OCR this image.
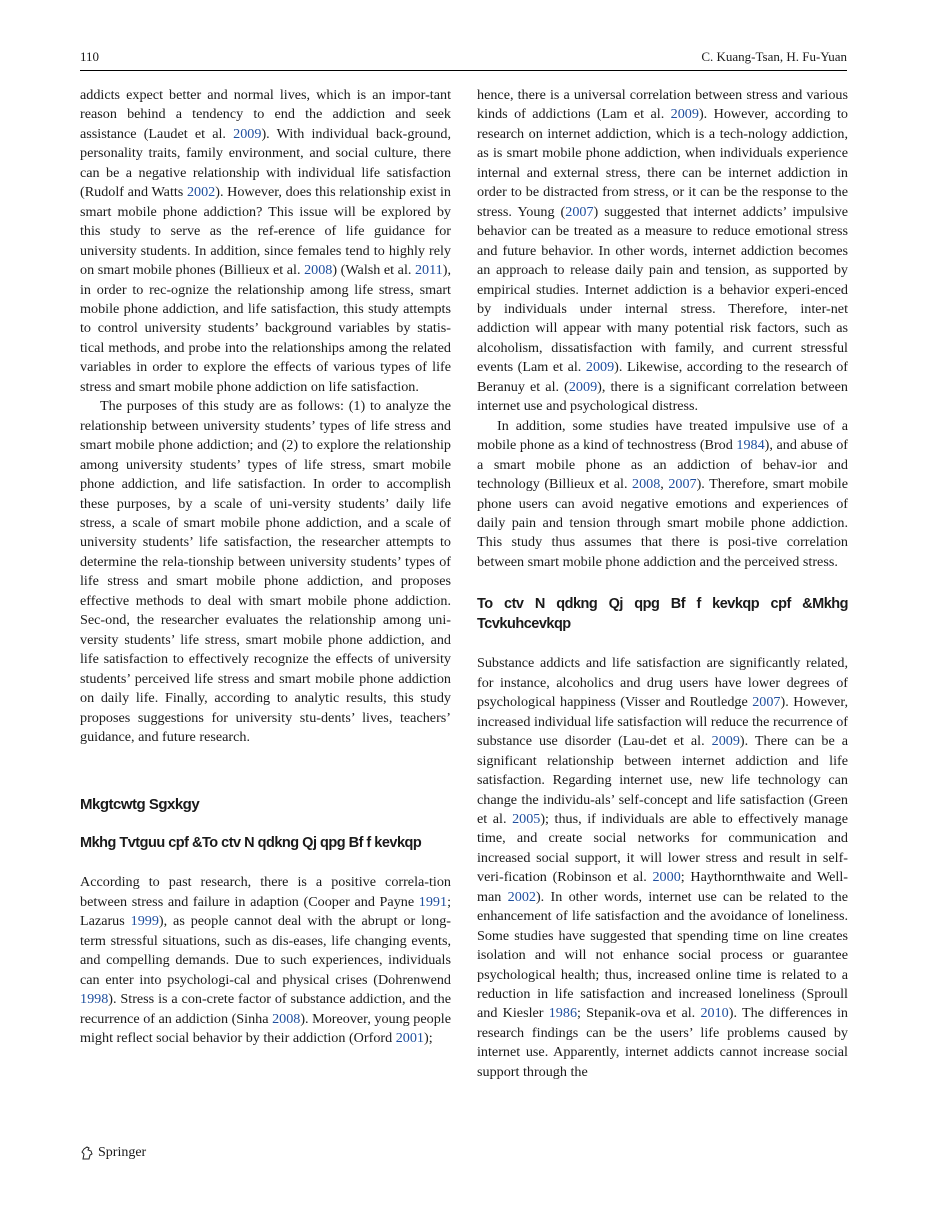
110	C. Kuang-Tsan, H. Fu-Yuan

addicts expect better and normal lives, which is an impor-tant reason behind a tendency to end the addiction and seek assistance (Laudet et al. 2009). With individual back-ground, personality traits, family environment, and social culture, there can be a negative relationship with individual life satisfaction (Rudolf and Watts 2002). However, does this relationship exist in smart mobile phone addiction? This issue will be explored by this study to serve as the ref-erence of life guidance for university students. In addition, since females tend to highly rely on smart mobile phones (Billieux et al. 2008) (Walsh et al. 2011), in order to rec-ognize the relationship among life stress, smart mobile phone addiction, and life satisfaction, this study attempts to control university students’ background variables by statis-tical methods, and probe into the relationships among the related variables in order to explore the effects of various types of life stress and smart mobile phone addiction on life satisfaction.

The purposes of this study are as follows: (1) to analyze the relationship between university students’ types of life stress and smart mobile phone addiction; and (2) to explore the relationship among university students’ types of life stress, smart mobile phone addiction, and life satisfaction. In order to accomplish these purposes, by a scale of uni-versity students’ daily life stress, a scale of smart mobile phone addiction, and a scale of university students’ life satisfaction, the researcher attempts to determine the rela-tionship between university students’ types of life stress and smart mobile phone addiction, and proposes effective methods to deal with smart mobile phone addiction. Sec-ond, the researcher evaluates the relationship among uni-versity students’ life stress, smart mobile phone addiction, and life satisfaction to effectively recognize the effects of university students’ perceived life stress and smart mobile phone addiction on daily life. Finally, according to analytic results, this study proposes suggestions for university stu-dents’ lives, teachers’ guidance, and future research.

Mkgtcwtg Sgxkgy
Mkhg Tvtguu cpf &To ctv N qdkng Qj qpg Bf f kevkqp

According to past research, there is a positive correla-tion between stress and failure in adaption (Cooper and Payne 1991; Lazarus 1999), as people cannot deal with the abrupt or long-term stressful situations, such as dis-eases, life changing events, and compelling demands. Due to such experiences, individuals can enter into psychologi-cal and physical crises (Dohrenwend 1998). Stress is a con-crete factor of substance addiction, and the recurrence of an addiction (Sinha 2008). Moreover, young people might reflect social behavior by their addiction (Orford 2001);

hence, there is a universal correlation between stress and various kinds of addictions (Lam et al. 2009). However, according to research on internet addiction, which is a tech-nology addiction, as is smart mobile phone addiction, when individuals experience internal and external stress, there can be internet addiction in order to be distracted from stress, or it can be the response to the stress. Young (2007) suggested that internet addicts’ impulsive behavior can be treated as a measure to reduce emotional stress and future behavior. In other words, internet addiction becomes an approach to release daily pain and tension, as supported by empirical studies. Internet addiction is a behavior experi-enced by individuals under internal stress. Therefore, inter-net addiction will appear with many potential risk factors, such as alcoholism, dissatisfaction with family, and current stressful events (Lam et al. 2009). Likewise, according to the research of Beranuy et al. (2009), there is a significant correlation between internet use and psychological distress.

In addition, some studies have treated impulsive use of a mobile phone as a kind of technostress (Brod 1984), and abuse of a smart mobile phone as an addiction of behav-ior and technology (Billieux et al. 2008, 2007). Therefore, smart mobile phone users can avoid negative emotions and experiences of daily pain and tension through smart mobile phone addiction. This study thus assumes that there is posi-tive correlation between smart mobile phone addiction and the perceived stress.

To ctv N qdkng Qj qpg Bf f kevkqp cpf &Mkhg Tcvkuhcevkqp

Substance addicts and life satisfaction are significantly related, for instance, alcoholics and drug users have lower degrees of psychological happiness (Visser and Routledge 2007). However, increased individual life satisfaction will reduce the recurrence of substance use disorder (Lau-det et al. 2009). There can be a significant relationship between internet addiction and life satisfaction. Regarding internet use, new life technology can change the individu-als’ self-concept and life satisfaction (Green et al. 2005); thus, if individuals are able to effectively manage time, and create social networks for communication and increased social support, it will lower stress and result in self-veri-fication (Robinson et al. 2000; Haythornthwaite and Well-man 2002). In other words, internet use can be related to the enhancement of life satisfaction and the avoidance of loneliness. Some studies have suggested that spending time on line creates isolation and will not enhance social process or guarantee psychological health; thus, increased online time is related to a reduction in life satisfaction and increased loneliness (Sproull and Kiesler 1986; Stepanik-ova et al. 2010). The differences in research findings can be the users’ life problems caused by internet use. Apparently, internet addicts cannot increase social support through the

Springer
